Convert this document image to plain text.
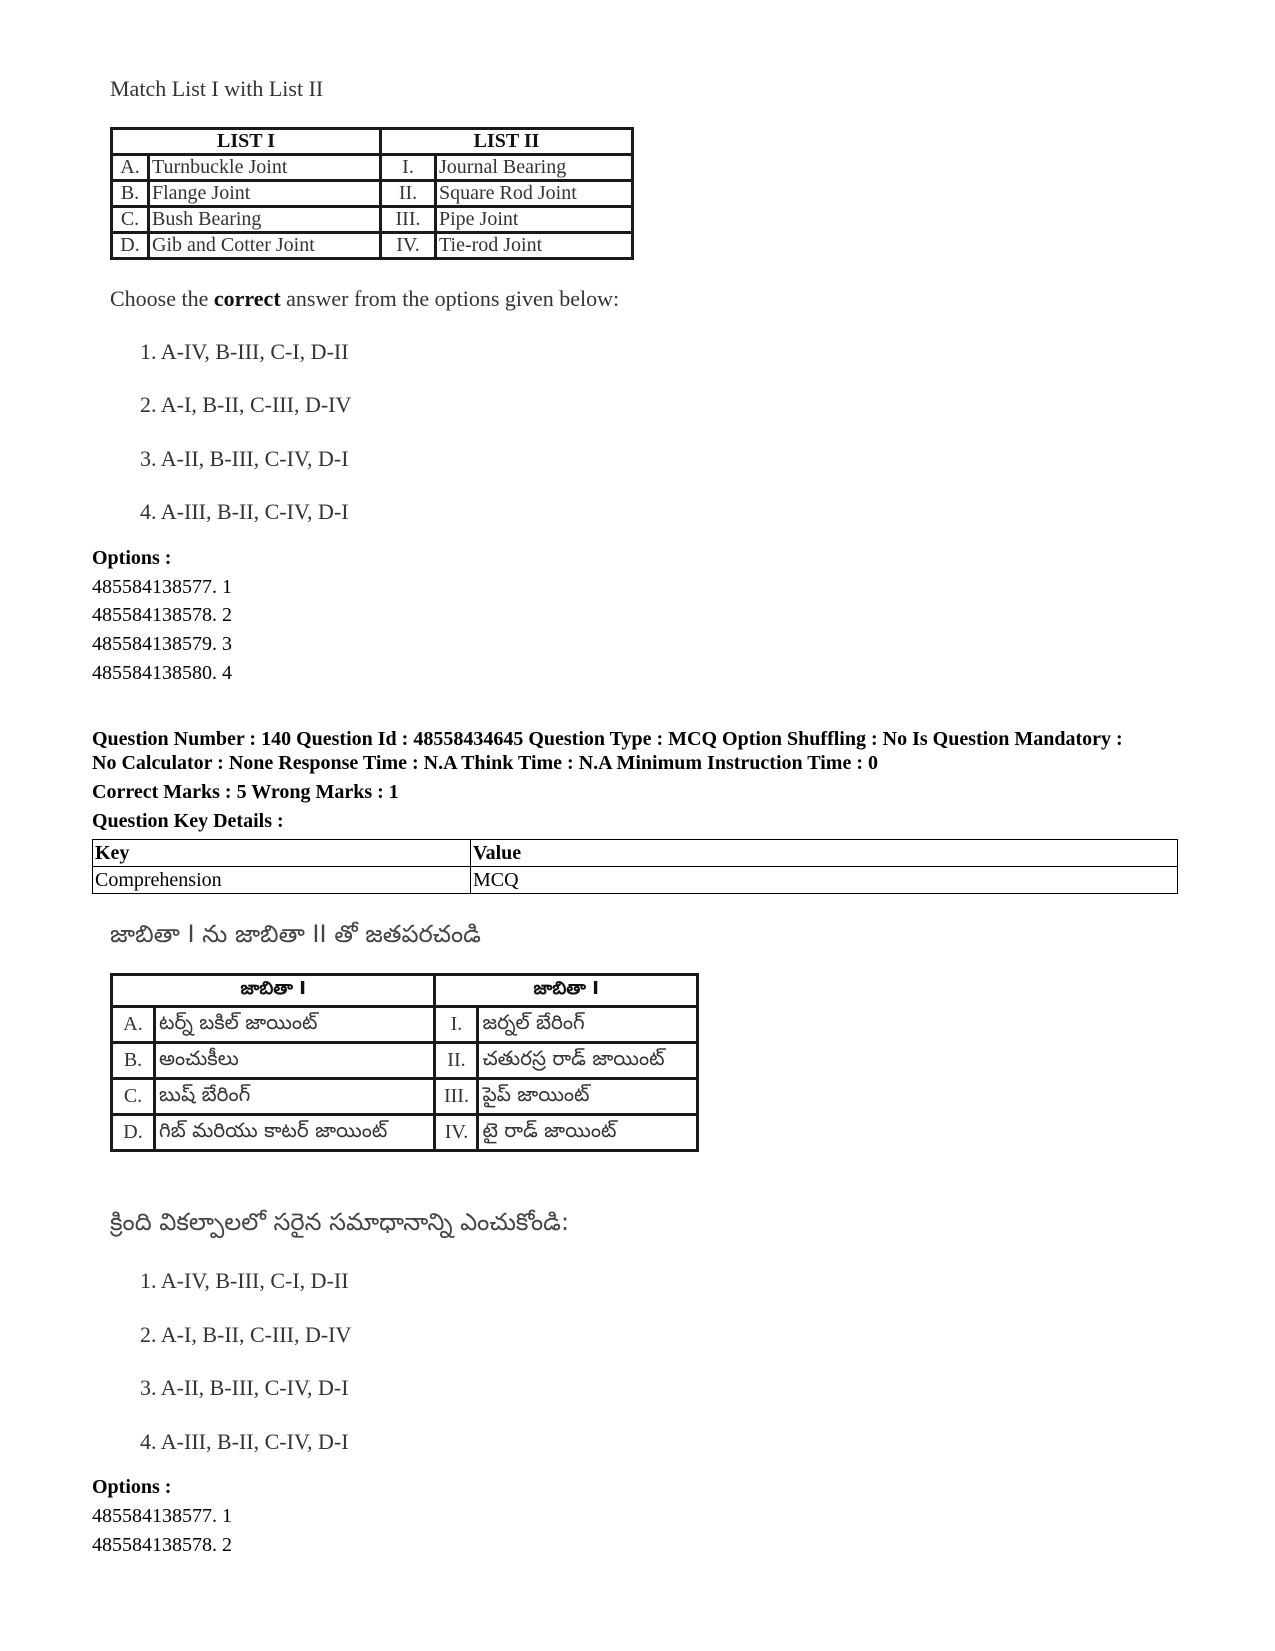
Match List I with List II
LIST I		LIST II	
A.	Turnbuckle Joint	I.	Journal Bearing
B.	Flange Joint	II.	Square Rod Joint
C.	Bush Bearing	III.	Pipe Joint
D.	Gib and Cotter Joint	IV.	Tie-rod Joint
Choose the correct answer from the options given below:
1. A-IV, B-III, C-I, D-II
2. A-I, B-II, C-III, D-IV
3. A-II, B-III, C-IV, D-I
4. A-III, B-II, C-IV, D-I
Options :
485584138577. 1
485584138578. 2
485584138579. 3
485584138580. 4
Question Number : 140 Question Id : 48558434645 Question Type : MCQ Option Shuffling : No Is Question Mandatory :
No Calculator : None Response Time : N.A Think Time : N.A Minimum Instruction Time : 0
Correct Marks : 5 Wrong Marks : 1
Question Key Details :
Key	Value
Comprehension	MCQ
జాబితా I ను జాబితా II తో జతపరచండి
జాబితా I		జాబితా I	
A.	టర్న్ బకిల్ జాయింట్	I.	జర్నల్ బేరింగ్
B.	అంచుకీలు	II.	చతురస్ర రాడ్ జాయింట్
C.	బుష్ బేరింగ్	III.	పైప్ జాయింట్
D.	గిబ్ మరియు కాటర్ జాయింట్	IV.	టై రాడ్ జాయింట్
క్రింది వికల్పాలలో సరైన సమాధానాన్ని ఎంచుకోండి:
1. A-IV, B-III, C-I, D-II
2. A-I, B-II, C-III, D-IV
3. A-II, B-III, C-IV, D-I
4. A-III, B-II, C-IV, D-I
Options :
485584138577. 1
485584138578. 2
